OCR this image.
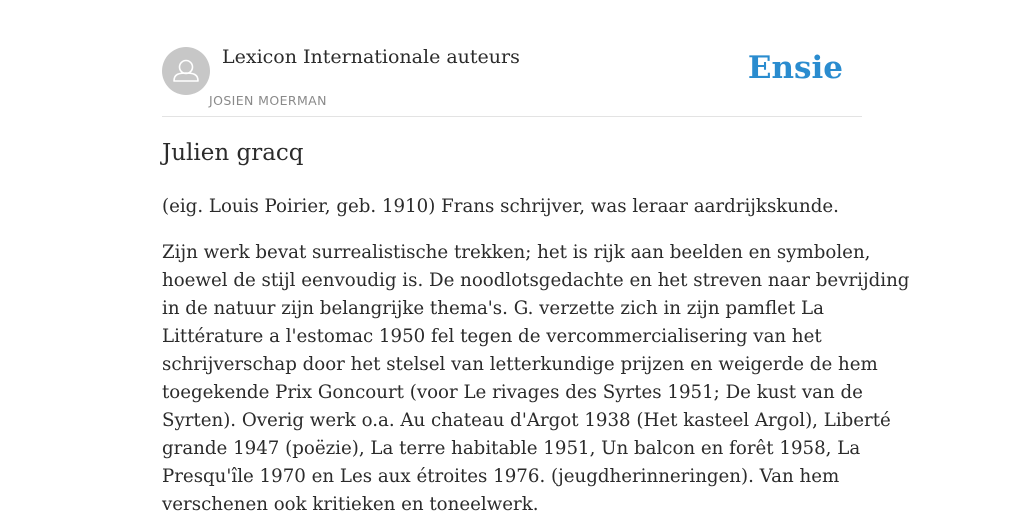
Lexicon Internationale auteurs
JOSIEN MOERMAN
Ensie
Julien gracq

(eig. Louis Poirier, geb. 1910) Frans schrijver, was leraar aardrijkskunde.

Zijn werk bevat surrealistische trekken; het is rijk aan beelden en symbolen,
hoewel de stijl eenvoudig is. De noodlotsgedachte en het streven naar bevrijding
in de natuur zijn belangrijke thema's. G. verzette zich in zijn pamflet La
Littérature a l'estomac 1950 fel tegen de vercommercialisering van het
schrijverschap door het stelsel van letterkundige prijzen en weigerde de hem
toegekende Prix Goncourt (voor Le rivages des Syrtes 1951; De kust van de
Syrten). Overig werk o.a. Au chateau d'Argot 1938 (Het kasteel Argol), Liberté
grande 1947 (poëzie), La terre habitable 1951, Un balcon en forêt 1958, La
Presqu'île 1970 en Les aux étroites 1976. (jeugdherinneringen). Van hem
verschenen ook kritieken en toneelwerk.
